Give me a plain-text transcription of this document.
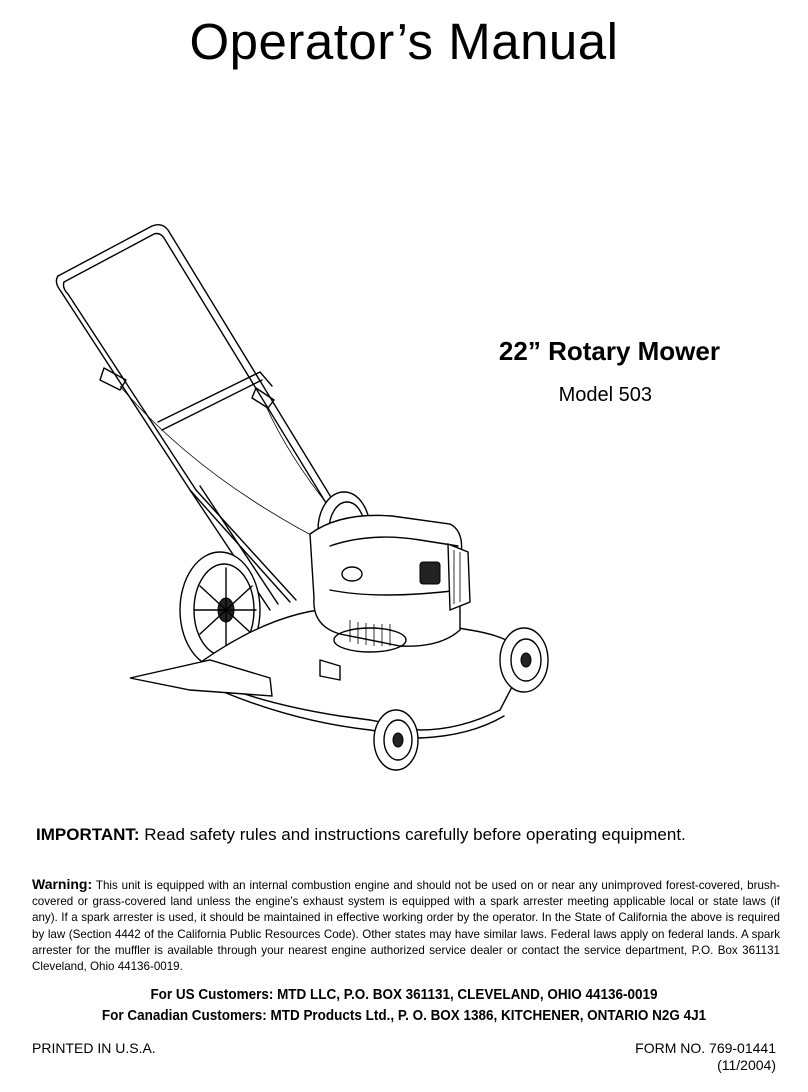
Operator’s Manual
22” Rotary Mower
Model 503
IMPORTANT: Read safety rules and instructions carefully before operating equipment.
Warning: This unit is equipped with an internal combustion engine and should not be used on or near any unimproved forest-covered, brush-covered or grass-covered land unless the engine’s exhaust system is equipped with a spark arrester meeting applicable local or state laws (if any). If a spark arrester is used, it should be maintained in effective working order by the operator. In the State of California the above is required by law (Section 4442 of the California Public Resources Code). Other states may have similar laws. Federal laws apply on federal lands. A spark arrester for the muffler is available through your nearest engine authorized service dealer or contact the service department, P.O. Box 361131 Cleveland, Ohio 44136-0019.
For US Customers: MTD LLC, P.O. BOX 361131, CLEVELAND, OHIO 44136-0019
For Canadian Customers: MTD Products Ltd., P. O. BOX 1386, KITCHENER, ONTARIO N2G 4J1
PRINTED IN U.S.A.	FORM NO. 769-01441
(11/2004)
